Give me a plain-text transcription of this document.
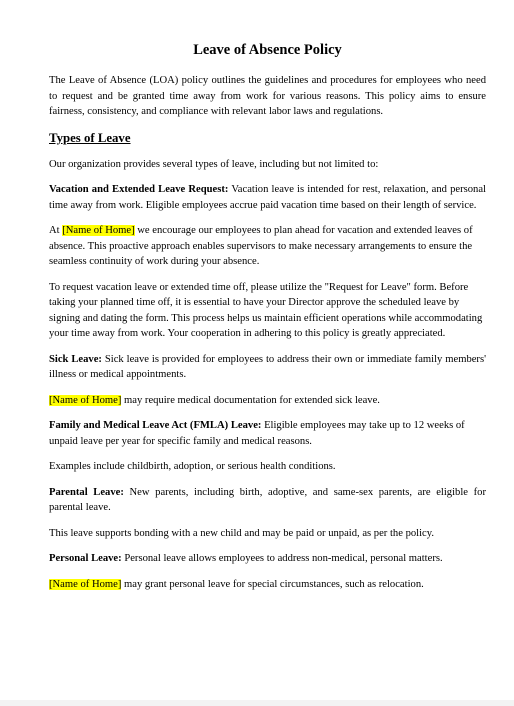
Leave of Absence Policy

The Leave of Absence (LOA) policy outlines the guidelines and procedures for employees who need to request and be granted time away from work for various reasons. This policy aims to ensure fairness, consistency, and compliance with relevant labor laws and regulations.

Types of Leave

Our organization provides several types of leave, including but not limited to:

Vacation and Extended Leave Request: Vacation leave is intended for rest, relaxation, and personal time away from work. Eligible employees accrue paid vacation time based on their length of service.

At [Name of Home] we encourage our employees to plan ahead for vacation and extended leaves of absence. This proactive approach enables supervisors to make necessary arrangements to ensure the seamless continuity of work during your absence.

To request vacation leave or extended time off, please utilize the "Request for Leave" form. Before taking your planned time off, it is essential to have your Director approve the scheduled leave by signing and dating the form. This process helps us maintain efficient operations while accommodating your time away from work. Your cooperation in adhering to this policy is greatly appreciated.

Sick Leave: Sick leave is provided for employees to address their own or immediate family members' illness or medical appointments.

[Name of Home] may require medical documentation for extended sick leave.

Family and Medical Leave Act (FMLA) Leave: Eligible employees may take up to 12 weeks of unpaid leave per year for specific family and medical reasons.

Examples include childbirth, adoption, or serious health conditions.

Parental Leave: New parents, including birth, adoptive, and same-sex parents, are eligible for parental leave.

This leave supports bonding with a new child and may be paid or unpaid, as per the policy.

Personal Leave: Personal leave allows employees to address non-medical, personal matters.

[Name of Home] may grant personal leave for special circumstances, such as relocation.
